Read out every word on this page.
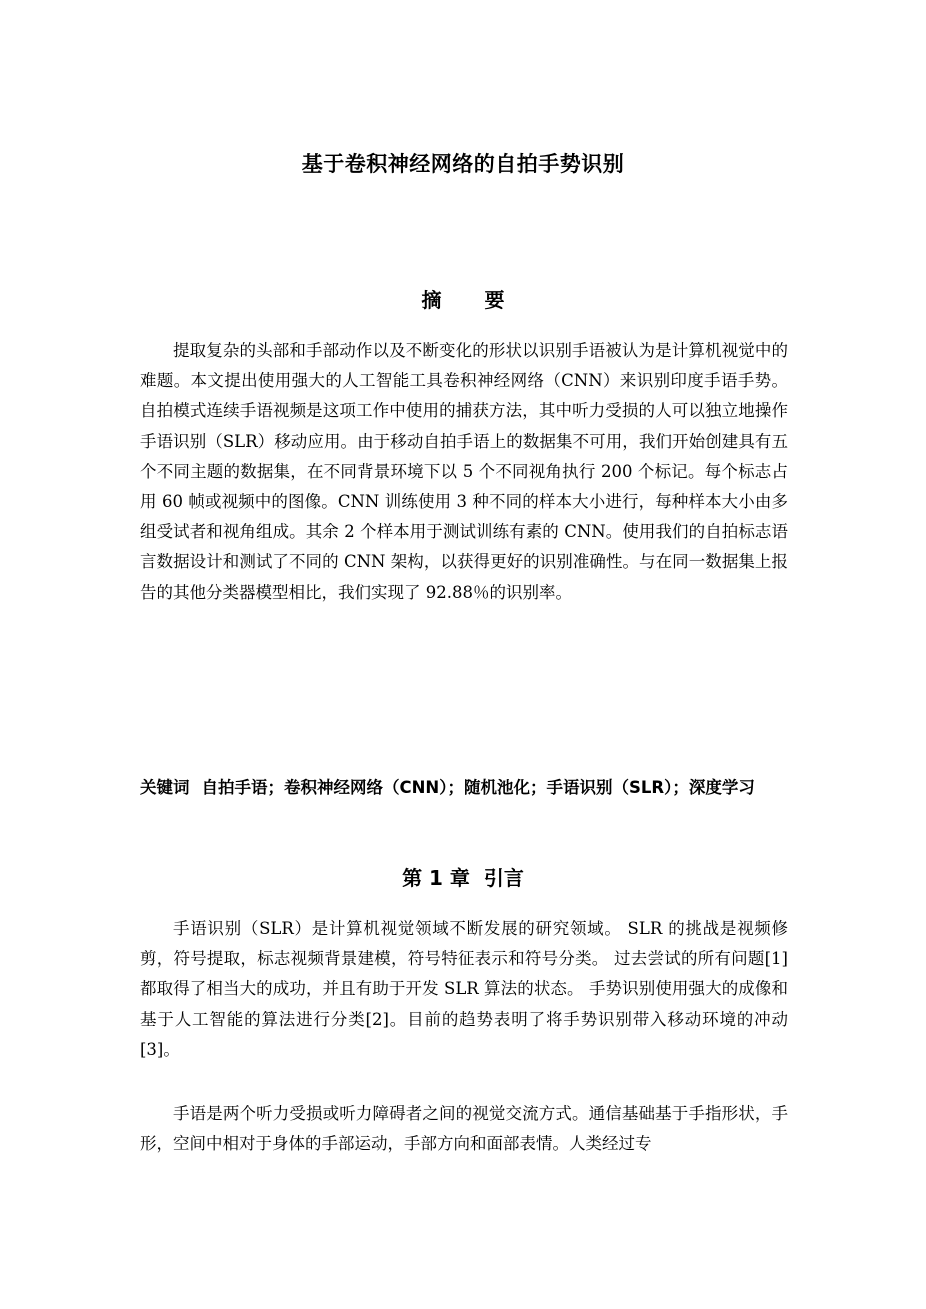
基于卷积神经网络的自拍手势识别
摘 要

提取复杂的头部和手部动作以及不断变化的形状以识别手语被认为是计算机视觉中的难题。本文提出使用强大的人工智能工具卷积神经网络（CNN）来识别印度手语手势。自拍模式连续手语视频是这项工作中使用的捕获方法，其中听力受损的人可以独立地操作手语识别（SLR）移动应用。由于移动自拍手语上的数据集不可用，我们开始创建具有五个不同主题的数据集，在不同背景环境下以 5 个不同视角执行 200 个标记。每个标志占用 60 帧或视频中的图像。CNN 训练使用 3 种不同的样本大小进行，每种样本大小由多组受试者和视角组成。其余 2 个样本用于测试训练有素的 CNN。使用我们的自拍标志语言数据设计和测试了不同的 CNN 架构，以获得更好的识别准确性。与在同一数据集上报告的其他分类器模型相比，我们实现了 92.88％的识别率。

关键词 自拍手语；卷积神经网络（CNN）；随机池化；手语识别（SLR）；深度学习

第 1 章 引言

手语识别（SLR）是计算机视觉领域不断发展的研究领域。 SLR 的挑战是视频修剪，符号提取，标志视频背景建模，符号特征表示和符号分类。 过去尝试的所有问题[1]都取得了相当大的成功，并且有助于开发 SLR 算法的状态。 手势识别使用强大的成像和基于人工智能的算法进行分类[2]。目前的趋势表明了将手势识别带入移动环境的冲动[3]。

手语是两个听力受损或听力障碍者之间的视觉交流方式。通信基础基于手指形状，手形，空间中相对于身体的手部运动，手部方向和面部表情。人类经过专
